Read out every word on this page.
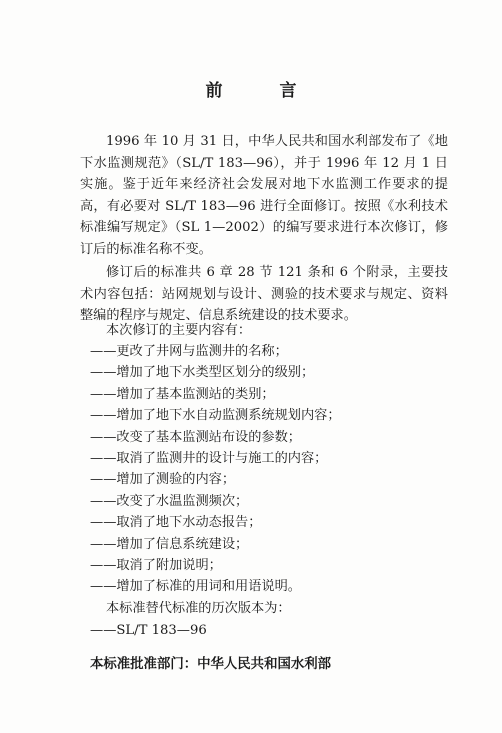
前　言

1996 年 10 月 31 日，中华人民共和国水利部发布了《地下水监测规范》（SL/T 183—96），并于 1996 年 12 月 1 日实施。鉴于近年来经济社会发展对地下水监测工作要求的提高，有必要对 SL/T 183—96 进行全面修订。按照《水利技术标准编写规定》（SL 1—2002）的编写要求进行本次修订，修订后的标准名称不变。

修订后的标准共 6 章 28 节 121 条和 6 个附录，主要技术内容包括：站网规划与设计、测验的技术要求与规定、资料整编的程序与规定、信息系统建设的技术要求。

本次修订的主要内容有：

——更改了井网与监测井的名称；
——增加了地下水类型区划分的级别；
——增加了基本监测站的类别；
——增加了地下水自动监测系统规划内容；
——改变了基本监测站布设的参数；
——取消了监测井的设计与施工的内容；
——增加了测验的内容；
——改变了水温监测频次；
——取消了地下水动态报告；
——增加了信息系统建设；
——取消了附加说明；
——增加了标准的用词和用语说明。

本标准替代标准的历次版本为：

——SL/T 183—96
本标准批准部门：中华人民共和国水利部
